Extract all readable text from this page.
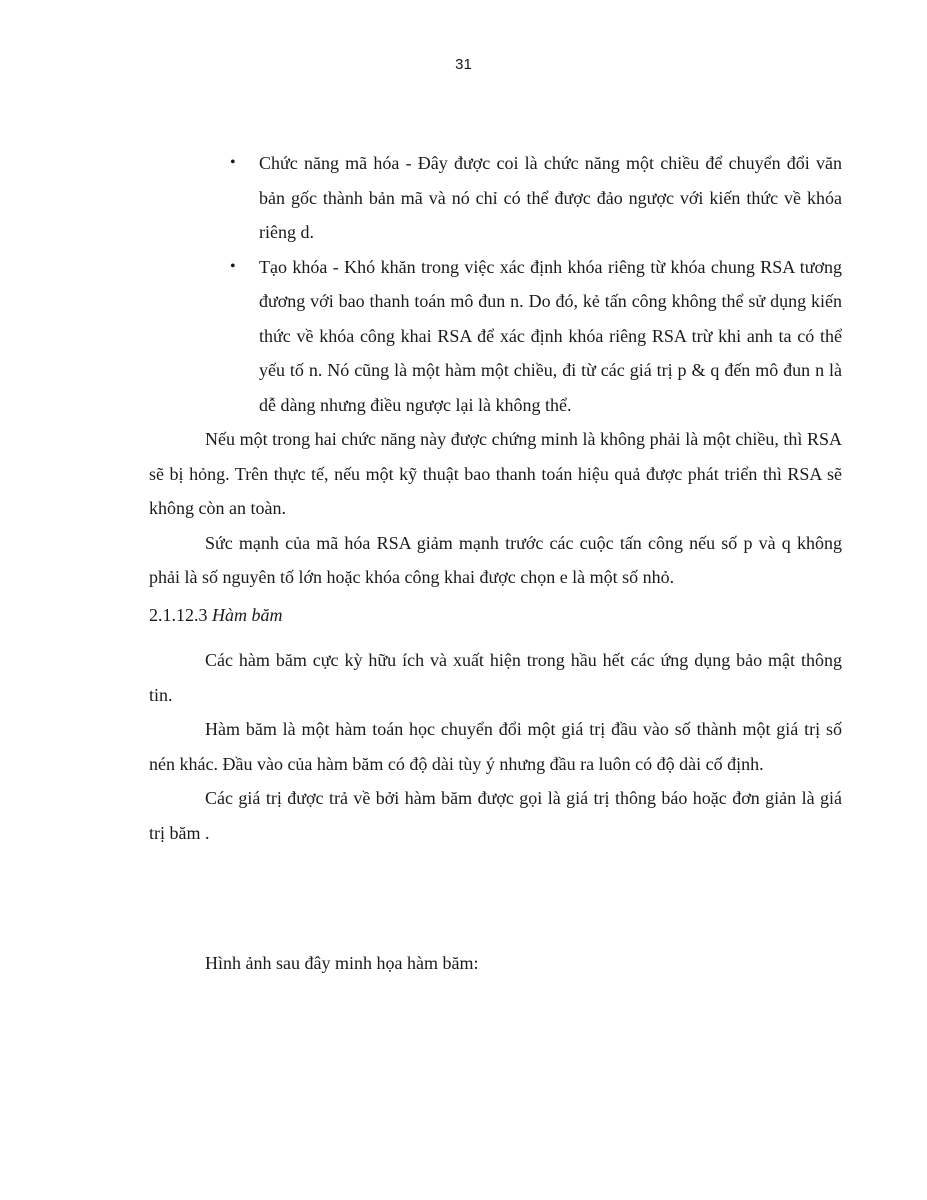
31
• Chức năng mã hóa - Đây được coi là chức năng một chiều để chuyển đổi văn bản gốc thành bản mã và nó chỉ có thể được đảo ngược với kiến thức về khóa riêng d.
• Tạo khóa - Khó khăn trong việc xác định khóa riêng từ khóa chung RSA tương đương với bao thanh toán mô đun n. Do đó, kẻ tấn công không thể sử dụng kiến thức về khóa công khai RSA để xác định khóa riêng RSA trừ khi anh ta có thể yếu tố n. Nó cũng là một hàm một chiều, đi từ các giá trị p & q đến mô đun n là dễ dàng nhưng điều ngược lại là không thể.

Nếu một trong hai chức năng này được chứng minh là không phải là một chiều, thì RSA sẽ bị hỏng. Trên thực tế, nếu một kỹ thuật bao thanh toán hiệu quả được phát triển thì RSA sẽ không còn an toàn.

Sức mạnh của mã hóa RSA giảm mạnh trước các cuộc tấn công nếu số p và q không phải là số nguyên tố lớn hoặc khóa công khai được chọn e là một số nhỏ.

2.1.12.3 Hàm băm

Các hàm băm cực kỳ hữu ích và xuất hiện trong hầu hết các ứng dụng bảo mật thông tin.

Hàm băm là một hàm toán học chuyển đổi một giá trị đầu vào số thành một giá trị số nén khác. Đầu vào của hàm băm có độ dài tùy ý nhưng đầu ra luôn có độ dài cố định.

Các giá trị được trả về bởi hàm băm được gọi là giá trị thông báo hoặc đơn giản là giá trị băm .

Hình ảnh sau đây minh họa hàm băm:
